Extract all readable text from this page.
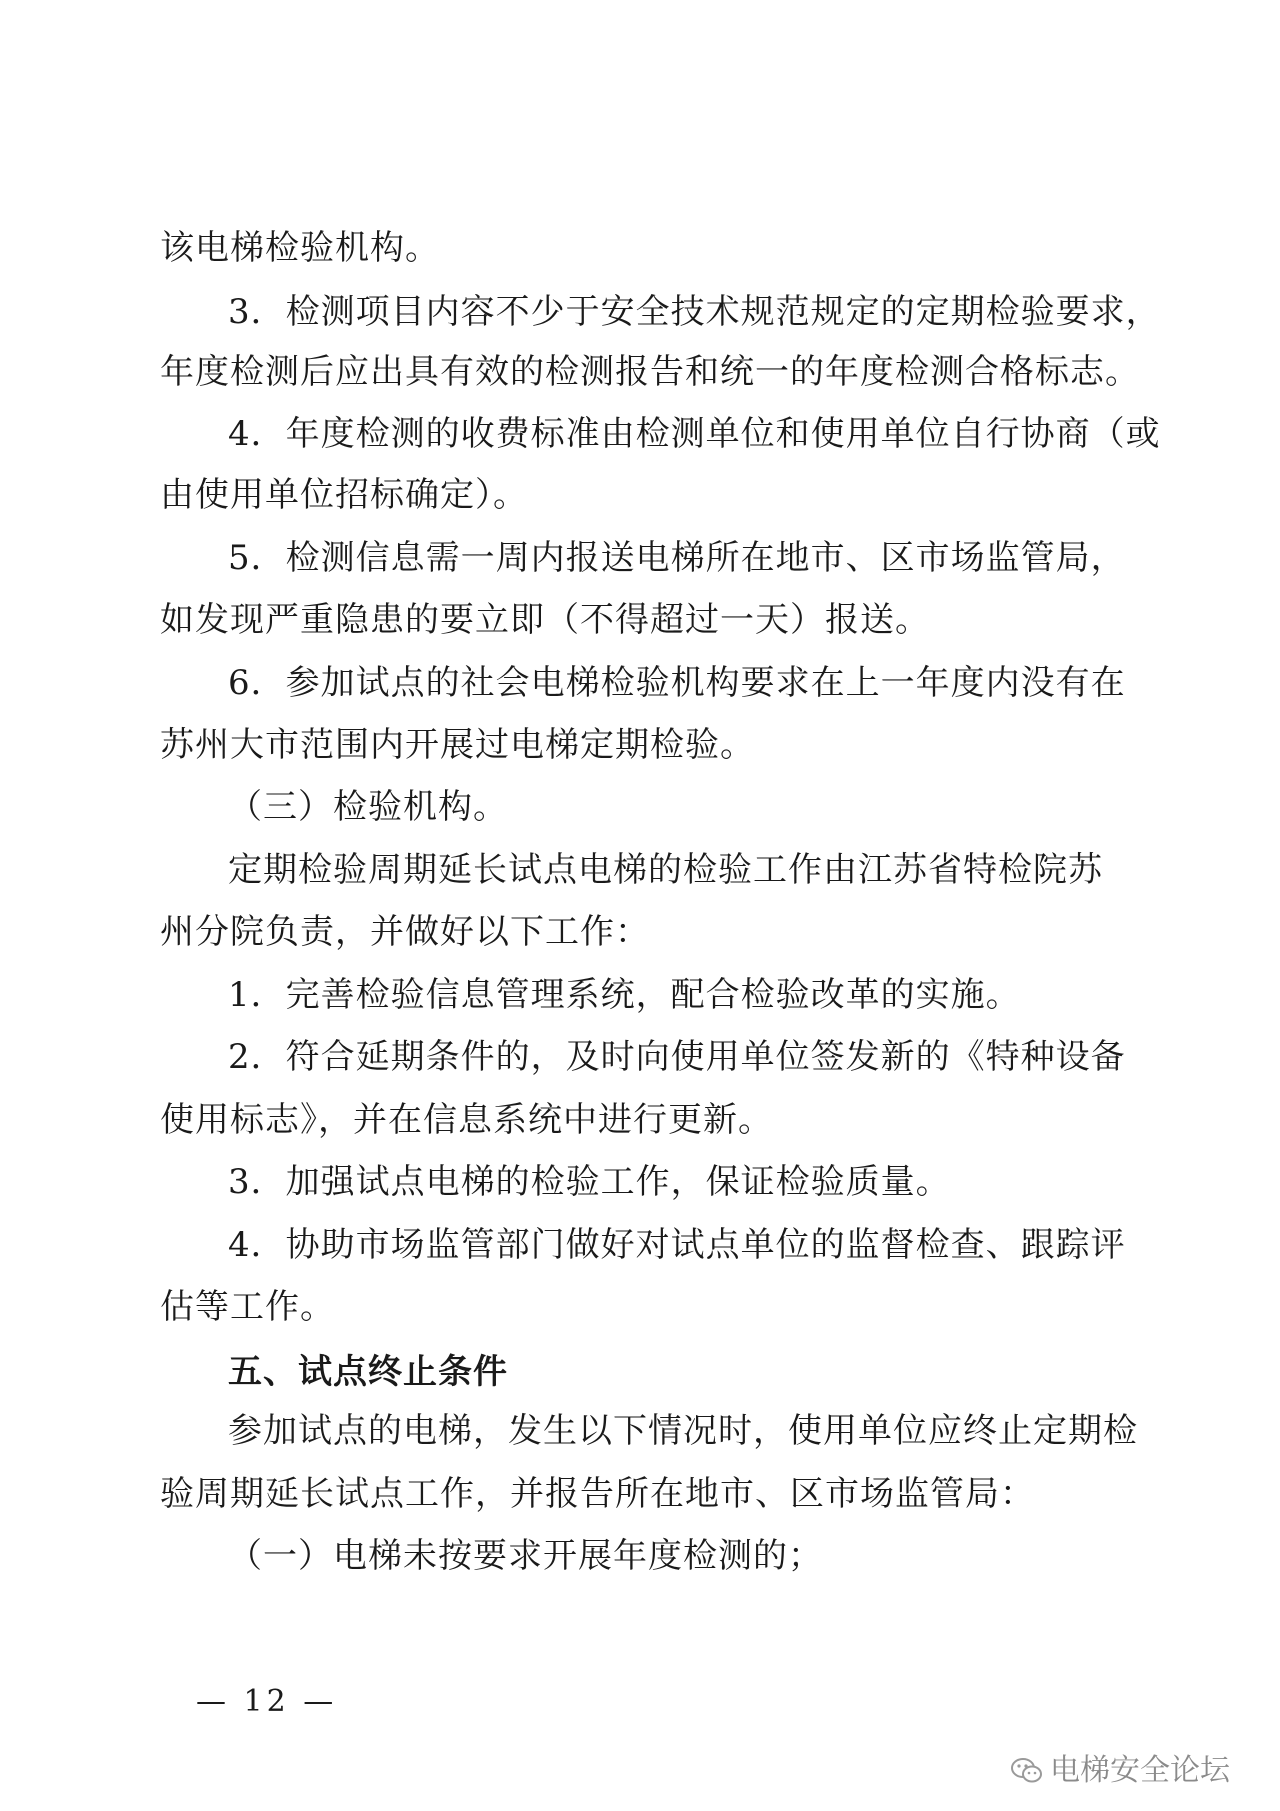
该电梯检验机构。
3．检测项目内容不少于安全技术规范规定的定期检验要求，
年度检测后应出具有效的检测报告和统一的年度检测合格标志。
4．年度检测的收费标准由检测单位和使用单位自行协商（或
由使用单位招标确定）。
5．检测信息需一周内报送电梯所在地市、区市场监管局，
如发现严重隐患的要立即（不得超过一天）报送。
6．参加试点的社会电梯检验机构要求在上一年度内没有在
苏州大市范围内开展过电梯定期检验。
（三）检验机构。
定期检验周期延长试点电梯的检验工作由江苏省特检院苏
州分院负责，并做好以下工作：
1．完善检验信息管理系统，配合检验改革的实施。
2．符合延期条件的，及时向使用单位签发新的《特种设备
使用标志》，并在信息系统中进行更新。
3．加强试点电梯的检验工作，保证检验质量。
4．协助市场监管部门做好对试点单位的监督检查、跟踪评
估等工作。
五、试点终止条件
参加试点的电梯，发生以下情况时，使用单位应终止定期检
验周期延长试点工作，并报告所在地市、区市场监管局：
（一）电梯未按要求开展年度检测的；
— 12 —
电梯安全论坛
